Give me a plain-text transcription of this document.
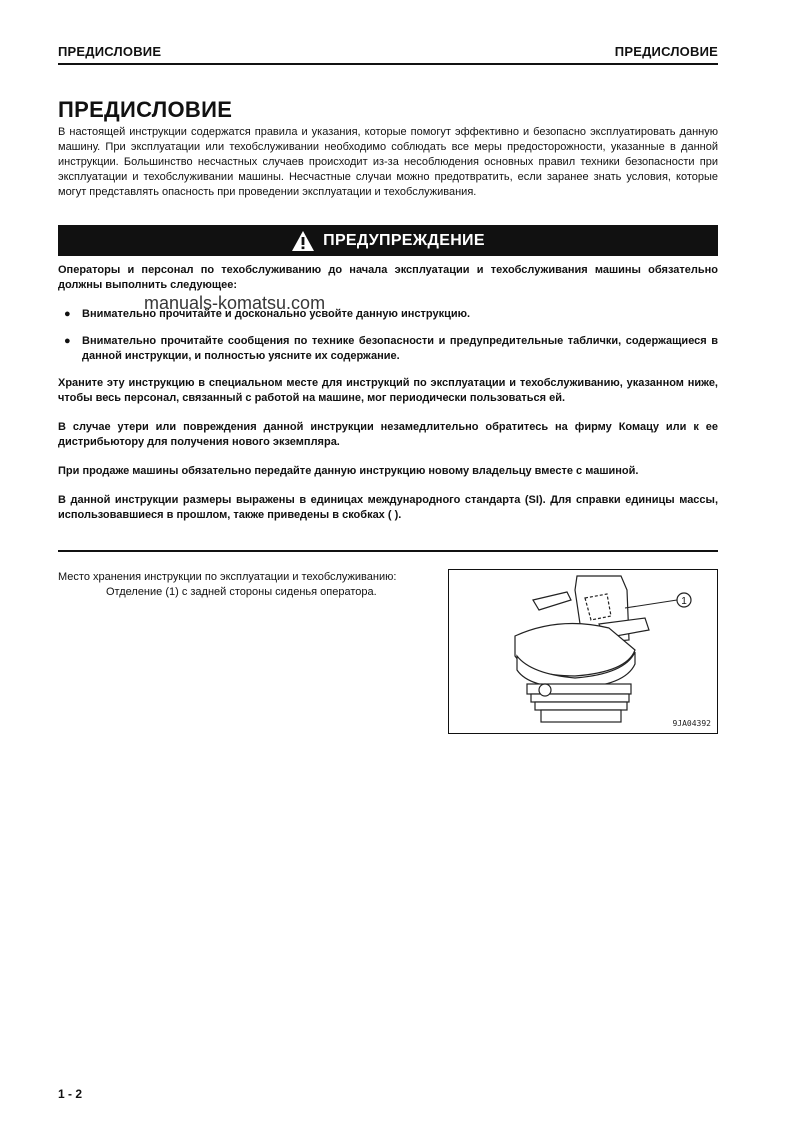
ПРЕДИСЛОВИЕ	ПРЕДИСЛОВИЕ
ПРЕДИСЛОВИЕ

В настоящей инструкции содержатся правила и указания, которые помогут эффективно и безопасно эксплуатировать данную машину. При эксплуатации или техобслуживании необходимо соблюдать все меры предосторожности, указанные в данной инструкции. Большинство несчастных случаев происходит из-за несоблюдения основных правил техники безопасности при эксплуатации и техобслуживании машины. Несчастные случаи можно предотвратить, если заранее знать условия, которые могут представлять опасность при проведении эксплуатации и техобслуживания.

ПРЕДУПРЕЖДЕНИЕ

Операторы и персонал по техобслуживанию до начала эксплуатации и техобслуживания машины обязательно должны выполнить следующее:

● Внимательно прочитайте и досконально усвойте данную инструкцию.
● Внимательно прочитайте сообщения по технике безопасности и предупредительные таблички, содержащиеся в данной инструкции, и полностью уясните их содержание.

Храните эту инструкцию в специальном месте для инструкций по эксплуатации и техобслуживанию, указанном ниже, чтобы весь персонал, связанный с работой на машине, мог периодически пользоваться ей.

В случае утери или повреждения данной инструкции незамедлительно обратитесь на фирму Комацу или к ее дистрибьютору для получения нового экземпляра.

При продаже машины обязательно передайте данную инструкцию новому владельцу вместе с машиной.

В данной инструкции размеры выражены в единицах международного стандарта (SI). Для справки единицы массы, использовавшиеся в прошлом, также приведены в скобках ( ).

manuals-komatsu.com
Место хранения инструкции по эксплуатации и техобслуживанию:
Отделение (1) с задней стороны сиденья оператора.
1
9JA04392
1 - 2
